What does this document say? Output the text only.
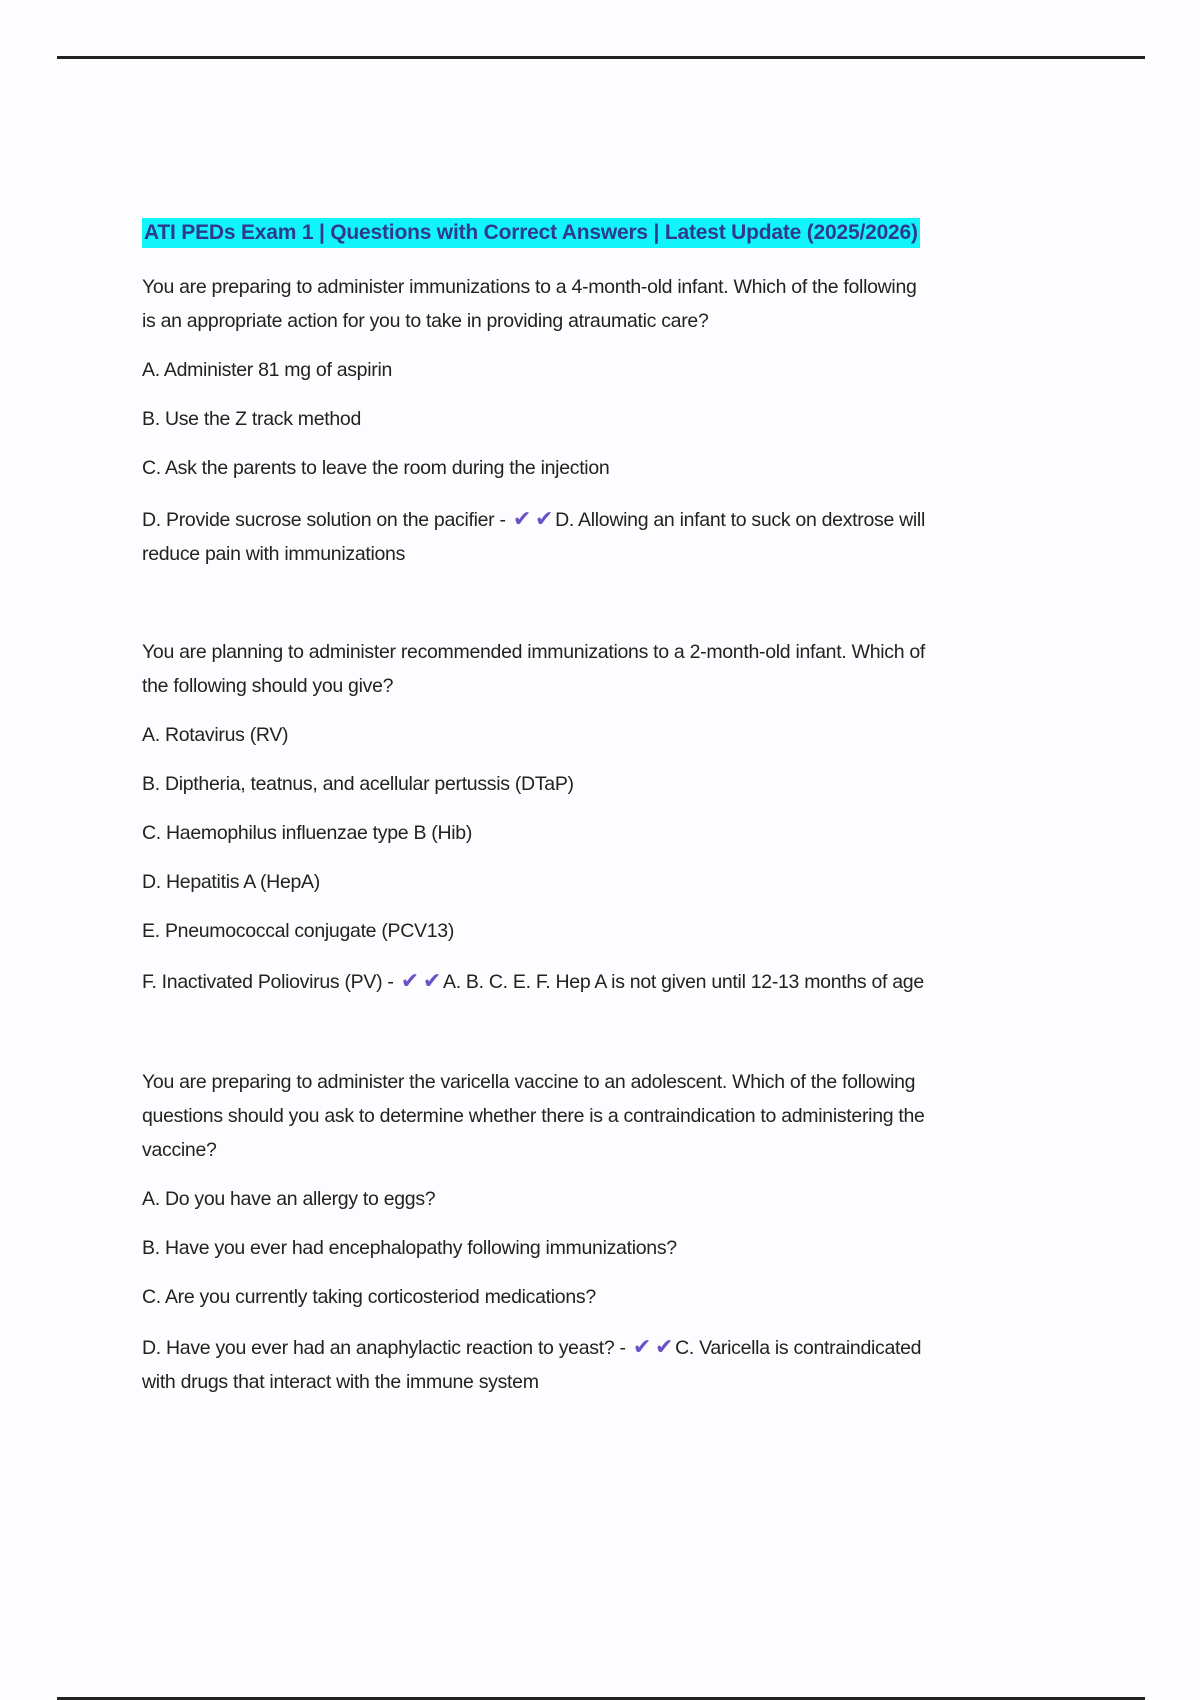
ATI PEDs Exam 1 | Questions with Correct Answers | Latest Update (2025/2026)
You are preparing to administer immunizations to a 4-month-old infant. Which of the following
is an appropriate action for you to take in providing atraumatic care?
A. Administer 81 mg of aspirin
B. Use the Z track method
C. Ask the parents to leave the room during the injection
D. Provide sucrose solution on the pacifier - ✔ ✔ D. Allowing an infant to suck on dextrose will
reduce pain with immunizations
You are planning to administer recommended immunizations to a 2-month-old infant. Which of
the following should you give?
A. Rotavirus (RV)
B. Diptheria, teatnus, and acellular pertussis (DTaP)
C. Haemophilus influenzae type B (Hib)
D. Hepatitis A (HepA)
E. Pneumococcal conjugate (PCV13)
F. Inactivated Poliovirus (PV) - ✔ ✔ A. B. C. E. F. Hep A is not given until 12-13 months of age
You are preparing to administer the varicella vaccine to an adolescent. Which of the following
questions should you ask to determine whether there is a contraindication to administering the
vaccine?
A. Do you have an allergy to eggs?
B. Have you ever had encephalopathy following immunizations?
C. Are you currently taking corticosteriod medications?
D. Have you ever had an anaphylactic reaction to yeast? - ✔ ✔ C. Varicella is contraindicated
with drugs that interact with the immune system
